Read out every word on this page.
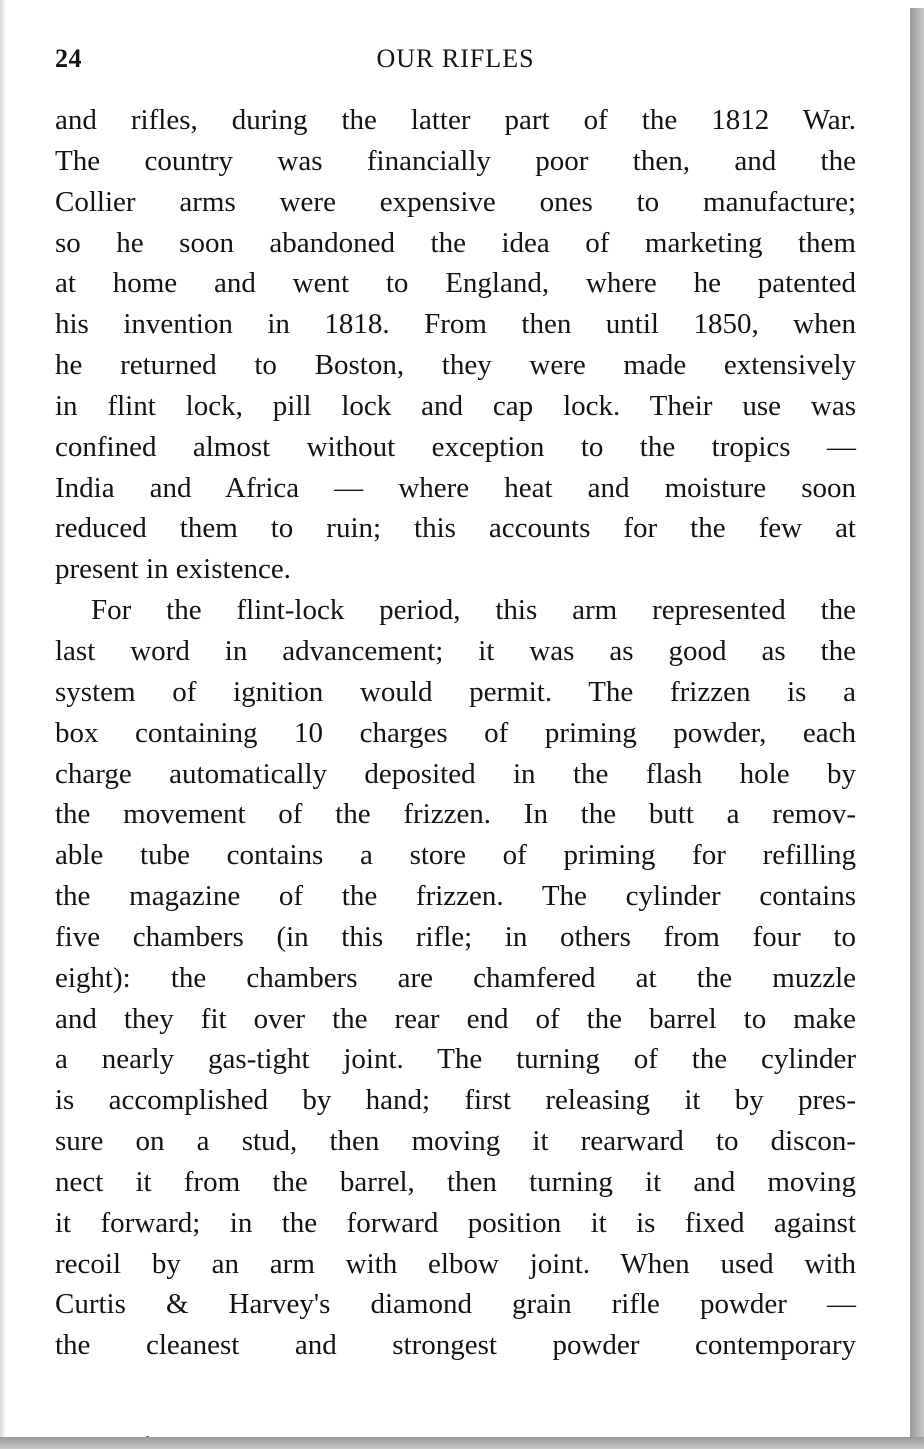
24	OUR RIFLES
and rifles, during the latter part of the 1812 War.
The country was financially poor then, and the
Collier arms were expensive ones to manufacture;
so he soon abandoned the idea of marketing them
at home and went to England, where he patented
his invention in 1818. From then until 1850, when
he returned to Boston, they were made extensively
in flint lock, pill lock and cap lock. Their use was
confined almost without exception to the tropics —
India and Africa — where heat and moisture soon
reduced them to ruin; this accounts for the few at
present in existence.
For the flint-lock period, this arm represented the
last word in advancement; it was as good as the
system of ignition would permit. The frizzen is a
box containing 10 charges of priming powder, each
charge automatically deposited in the flash hole by
the movement of the frizzen. In the butt a remov-
able tube contains a store of priming for refilling
the magazine of the frizzen. The cylinder contains
five chambers (in this rifle; in others from four to
eight): the chambers are chamfered at the muzzle
and they fit over the rear end of the barrel to make
a nearly gas-tight joint. The turning of the cylinder
is accomplished by hand; first releasing it by pres-
sure on a stud, then moving it rearward to discon-
nect it from the barrel, then turning it and moving
it forward; in the forward position it is fixed against
recoil by an arm with elbow joint. When used with
Curtis & Harvey's diamond grain rifle powder —
the cleanest and strongest powder contemporary
